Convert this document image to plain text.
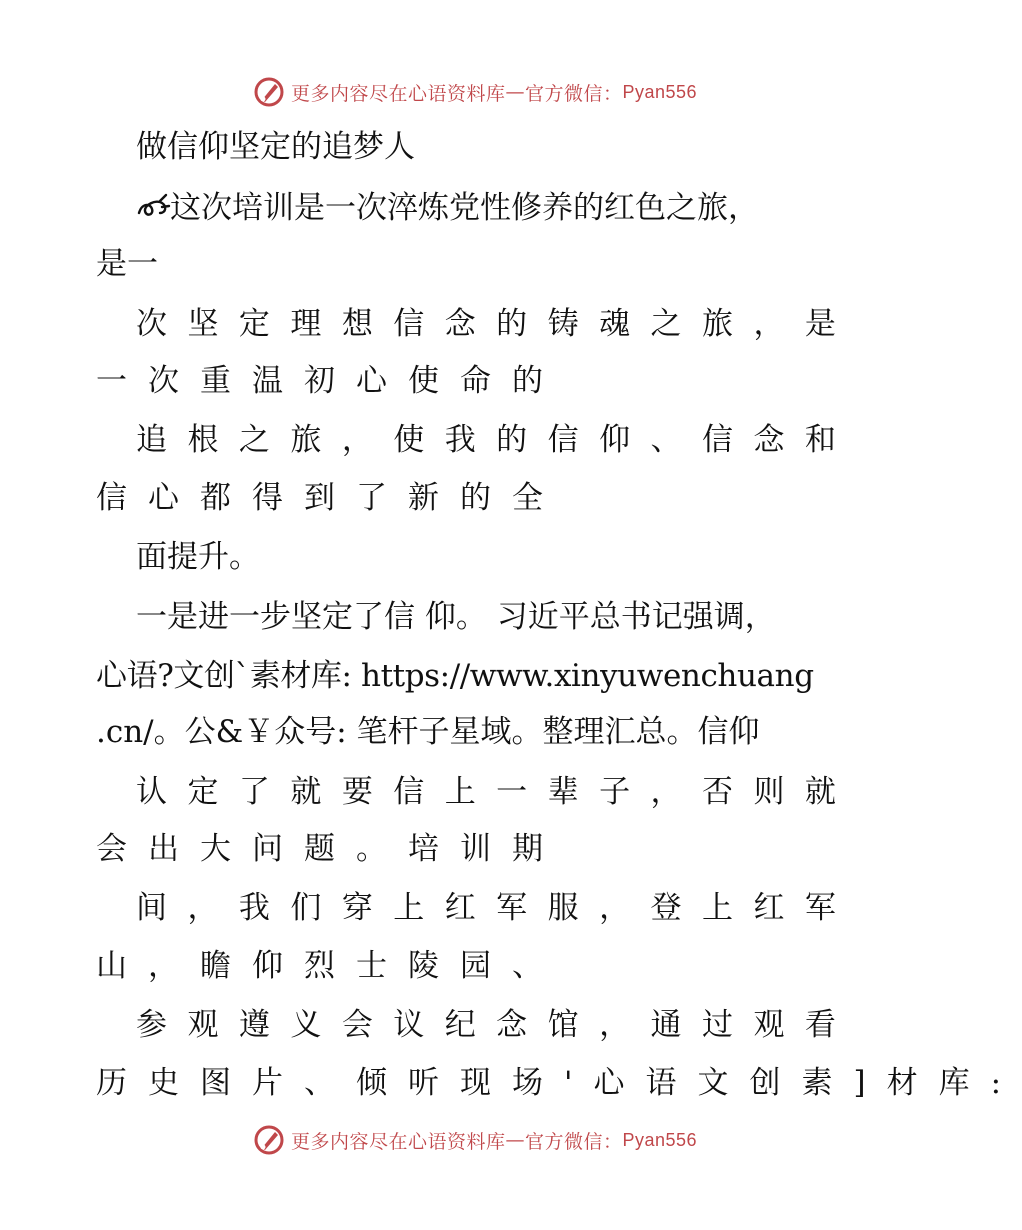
更多内容尽在心语资料库 — 官方微信： Pyan556
做信仰坚定的追梦人
这次培训是一次淬炼党性修养的红色之旅，
是一
次 坚 定 理 想 信 念 的 铸 魂 之 旅 ， 是
一 次 重 温 初 心 使 命 的
追 根 之 旅 ， 使 我 的 信 仰 、 信 念 和
信 心 都 得 到 了 新 的 全
面提升。
一是进一步坚定了信 仰。 习近平总书记强调，
心语?文创`素材库: https://www.xinyuwenchuang
.cn/。公&￥众号: 笔杆子星域。整理汇总。信仰
认 定 了 就 要 信 上 一 辈 子 ， 否 则 就
会 出 大 问 题 。 培 训 期
间 ， 我 们 穿 上 红 军 服 ， 登 上 红 军
山 ， 瞻 仰 烈 士 陵 园 、
参 观 遵 义 会 议 纪 念 馆 ， 通 过 观 看
历 史 图 片 、 倾 听 现 场 ' 心 语 文 创 素 ] 材 库 :
更多内容尽在心语资料库 — 官方微信： Pyan556
